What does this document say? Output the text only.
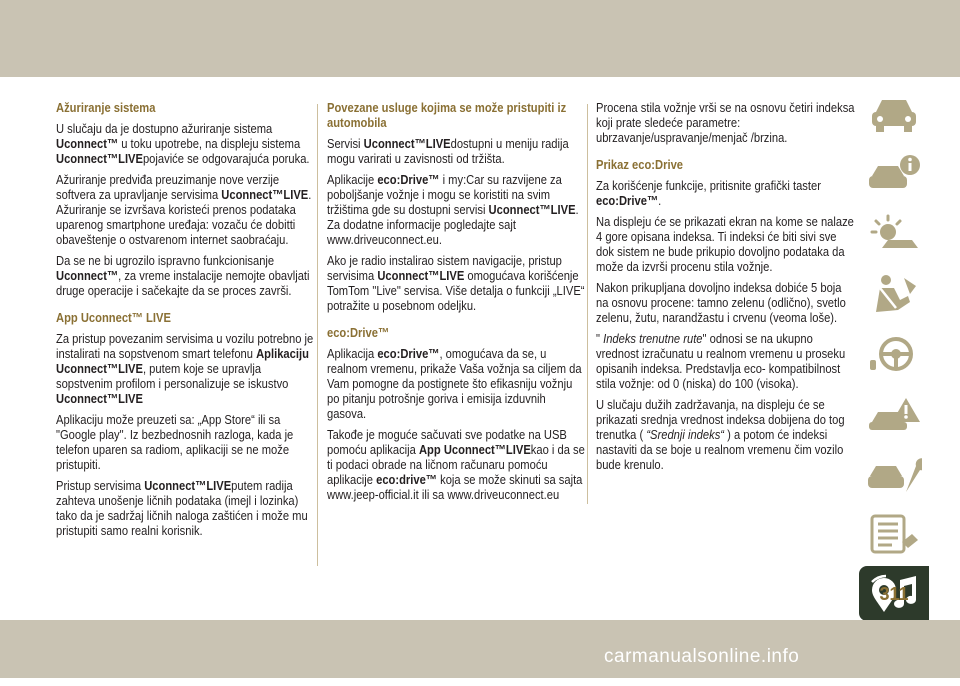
Ažuriranje sistema

U slučaju da je dostupno ažuriranje sistema Uconnect™ u toku upotrebe, na displeju sistema Uconnect™LIVEpojaviće se odgovarajuća poruka.

Ažuriranje predviđa preuzimanje nove verzije softvera za upravljanje servisima Uconnect™LIVE. Ažuriranje se izvršava koristeći prenos podataka uparenog smartphone uređaja: vozaču će dobitti obaveštenje o ostvarenom internet saobraćaju.

Da se ne bi ugrozilo ispravno funkcionisanje Uconnect™, za vreme instalacije nemojte obavljati druge operacije i sačekajte da se proces završi.

App Uconnect™ LIVE

Za pristup povezanim servisima u vozilu potrebno je instalirati na sopstvenom smart telefonu Aplikaciju Uconnect™LIVE, putem koje se upravlja sopstvenim profilom i personalizuje se iskustvo Uconnect™LIVE

Aplikaciju može preuzeti sa: „App Store“ ili sa "Google play". Iz bezbednosnih razloga, kada je telefon uparen sa radiom, aplikaciji se ne može pristupiti.

Pristup servisima Uconnect™LIVEputem radija zahteva unošenje ličnih podataka (imejl i lozinka) tako da je sadržaj ličnih naloga zaštićen i može mu pristupiti samo realni korisnik.

Povezane usluge kojima se može pristupiti iz automobila

Servisi Uconnect™LIVEdostupni u meniju radija mogu varirati u zavisnosti od tržišta.

Aplikacije eco:Drive™ i my:Car su razvijene za poboljšanje vožnje i mogu se koristiti na svim tržištima gde su dostupni servisi Uconnect™LIVE. Za dodatne informacije pogledajte sajt www.driveuconnect.eu.

Ako je radio instalirao sistem navigacije, pristup servisima Uconnect™LIVE omogućava korišćenje TomTom "Live" servisa. Više detalja o funkciji „LIVE“ potražite u posebnom odeljku.

eco:Drive™

Aplikacija eco:Drive™, omogućava da se, u realnom vremenu, prikaže Vaša vožnja sa ciljem da Vam pomogne da postignete što efikasniju vožnju po pitanju potrošnje goriva i emisija izduvnih gasova.

Takođe je moguće sačuvati sve podatke na USB pomoću aplikacija App Uconnect™LIVEkao i da se ti podaci obrade na ličnom računaru pomoću aplikacije eco:drive™ koja se može skinuti sa sajta www.jeep-official.it ili sa www.driveuconnect.eu

Procena stila vožnje vrši se na osnovu četiri indeksa koji prate sledeće parametre: ubrzavanje/uspravanje/menjač /brzina.

Prikaz eco:Drive

Za korišćenje funkcije, pritisnite grafički taster eco:Drive™.

Na displeju će se prikazati ekran na kome se nalaze 4 gore opisana indeksa. Ti indeksi će biti sivi sve dok sistem ne bude prikupio dovoljno podataka da može da izvrši procenu stila vožnje.

Nakon prikupljana dovoljno indeksa dobiće 5 boja na osnovu procene: tamno zelenu (odlično), svetlo zelenu, žutu, narandžastu i crvenu (veoma loše).

" Indeks trenutne rute" odnosi se na ukupno vrednost izračunatu u realnom vremenu u proseku opisanih indeksa. Predstavlja eco- kompatibilnost stila vožnje: od 0 (niska) do 100 (visoka).

U slučaju dužih zadržavanja, na displeju će se prikazati srednja vrednost indeksa dobijena do tog trenutka ( “Srednji indeks“ ) a potom će indeksi nastaviti da se boje u realnom vremenu čim vozilo bude krenulo.

311
carmanualsonline.info
